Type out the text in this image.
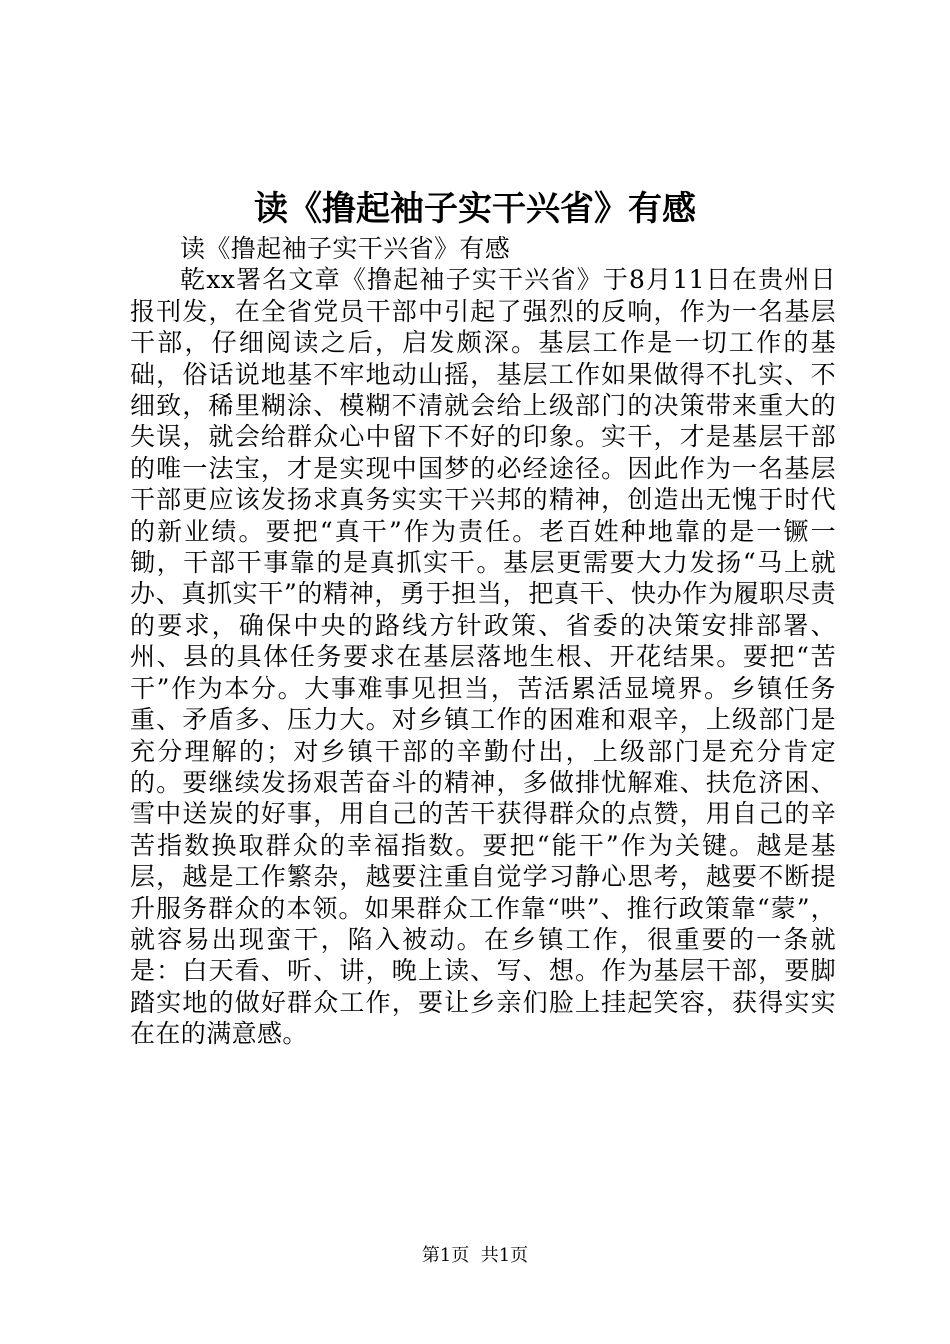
读《撸起袖子实干兴省》有感

读《撸起袖子实干兴省》有感

乾xx署名文章《撸起袖子实干兴省》于8月11日在贵州日报刊发，在全省党员干部中引起了强烈的反响，作为一名基层干部，仔细阅读之后，启发颇深。基层工作是一切工作的基础，俗话说地基不牢地动山摇，基层工作如果做得不扎实、不细致，稀里糊涂、模糊不清就会给上级部门的决策带来重大的失误，就会给群众心中留下不好的印象。实干，才是基层干部的唯一法宝，才是实现中国梦的必经途径。因此作为一名基层干部更应该发扬求真务实实干兴邦的精神，创造出无愧于时代的新业绩。要把“真干”作为责任。老百姓种地靠的是一镢一锄，干部干事靠的是真抓实干。基层更需要大力发扬“马上就办、真抓实干”的精神，勇于担当，把真干、快办作为履职尽责的要求，确保中央的路线方针政策、省委的决策安排部署、州、县的具体任务要求在基层落地生根、开花结果。要把“苦干”作为本分。大事难事见担当，苦活累活显境界。乡镇任务重、矛盾多、压力大。对乡镇工作的困难和艰辛，上级部门是充分理解的；对乡镇干部的辛勤付出，上级部门是充分肯定的。要继续发扬艰苦奋斗的精神，多做排忧解难、扶危济困、雪中送炭的好事，用自己的苦干获得群众的点赞，用自己的辛苦指数换取群众的幸福指数。要把“能干”作为关键。越是基层，越是工作繁杂，越要注重自觉学习静心思考，越要不断提升服务群众的本领。如果群众工作靠“哄”、推行政策靠“蒙”，就容易出现蛮干，陷入被动。在乡镇工作，很重要的一条就是：白天看、听、讲，晚上读、写、想。作为基层干部，要脚踏实地的做好群众工作，要让乡亲们脸上挂起笑容，获得实实在在的满意感。

第1页 共1页
